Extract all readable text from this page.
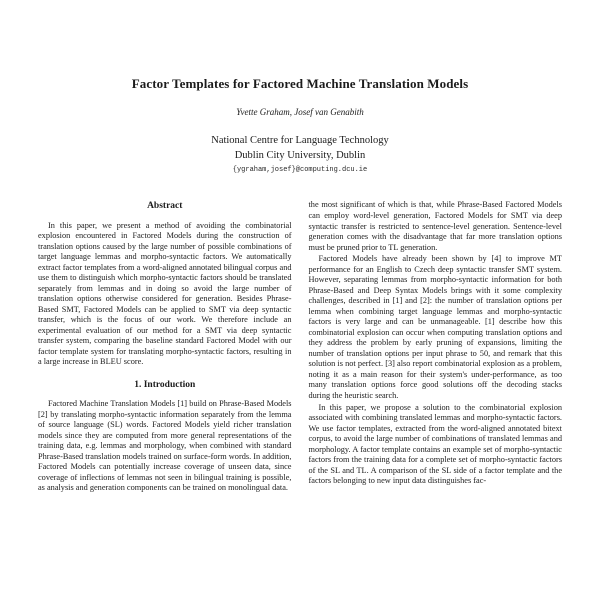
Factor Templates for Factored Machine Translation Models
Yvette Graham, Josef van Genabith
National Centre for Language Technology
Dublin City University, Dublin
{ygraham,josef}@computing.dcu.ie
Abstract

In this paper, we present a method of avoiding the combinatorial explosion encountered in Factored Models during the construction of translation options caused by the large number of possible combinations of target language lemmas and morpho-syntactic factors. We automatically extract factor templates from a word-aligned annotated bilingual corpus and use them to distinguish which morpho-syntactic factors should be translated separately from lemmas and in doing so avoid the large number of translation options otherwise considered for generation. Besides Phrase-Based SMT, Factored Models can be applied to SMT via deep syntactic transfer, which is the focus of our work. We therefore include an experimental evaluation of our method for a SMT via deep syntactic transfer system, comparing the baseline standard Factored Model with our factor template system for translating morpho-syntactic factors, resulting in a large increase in BLEU score.

1. Introduction

Factored Machine Translation Models [1] build on Phrase-Based Models [2] by translating morpho-syntactic information separately from the lemma of source language (SL) words. Factored Models yield richer translation models since they are computed from more general representations of the training data, e.g. lemmas and morphology, when combined with standard Phrase-Based translation models trained on surface-form words. In addition, Factored Models can potentially increase coverage of unseen data, since coverage of inflections of lemmas not seen in bilingual training is possible, as analysis and generation components can be trained on monolingual data.

the most significant of which is that, while Phrase-Based Factored Models can employ word-level generation, Factored Models for SMT via deep syntactic transfer is restricted to sentence-level generation. Sentence-level generation comes with the disadvantage that far more translation options must be pruned prior to TL generation.

Factored Models have already been shown by [4] to improve MT performance for an English to Czech deep syntactic transfer SMT system. However, separating lemmas from morpho-syntactic information for both Phrase-Based and Deep Syntax Models brings with it some complexity challenges, described in [1] and [2]: the number of translation options per lemma when combining target language lemmas and morpho-syntactic factors is very large and can be unmanageable. [1] describe how this combinatorial explosion can occur when computing translation options and they address the problem by early pruning of expansions, limiting the number of translation options per input phrase to 50, and remark that this solution is not perfect. [3] also report combinatorial explosion as a problem, noting it as a main reason for their system's under-performance, as too many translation options force good solutions off the decoding stacks during the heuristic search.

In this paper, we propose a solution to the combinatorial explosion associated with combining translated lemmas and morpho-syntactic factors. We use factor templates, extracted from the word-aligned annotated bitext corpus, to avoid the large number of combinations of translated lemmas and morphology. A factor template contains an example set of morpho-syntactic factors from the training data for a complete set of morpho-syntactic factors of the SL and TL. A comparison of the SL side of a factor template and the factors belonging to new input data distinguishes fac-
